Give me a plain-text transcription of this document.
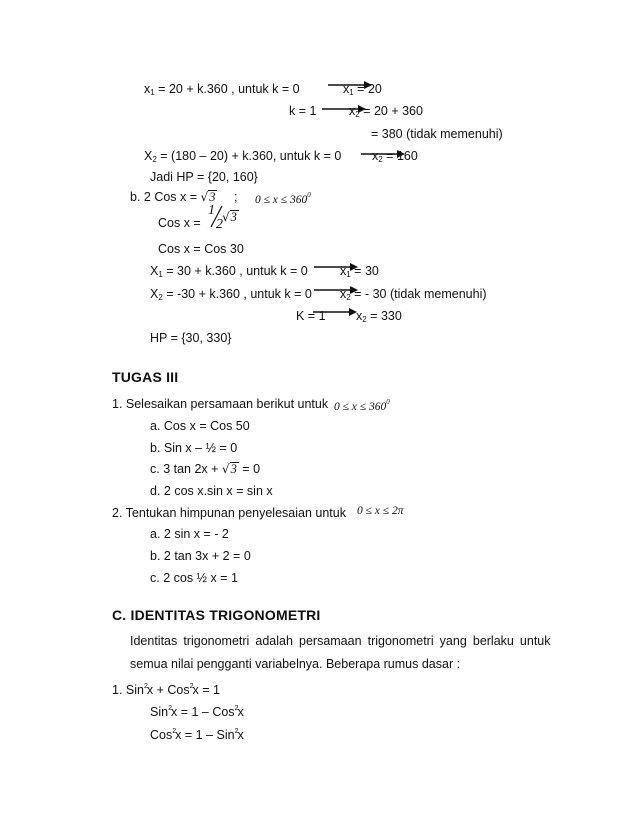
$x_1 = 20 + k.360$ , untuk k = 0	$x_1 = 20$
k = 1	$x_2 = 20 + 360$
= 380 (tidak memenuhi)
$X_2 = (180 - 20) + k.360$, untuk k = 0 $x_2 = 160$
Jadi HP = {20, 160}
b. 2 Cos x = √3 ; $0 \le x \le 360^0$
Cos x =
1
2 √3
Cos x = Cos 30
$X_1 = 30 + k.360$ , untuk k = 0	$x_1 = 30$
$X_2 = -30 + k.360$ , untuk k = 0 $x_2$ = - 30 (tidak memenuhi)
K = 1 $x_2 = 330$
HP = {30, 330}
TUGAS III
1. Selesaikan persamaan berikut untuk $0 \le x \le 360^0$
a. Cos x = Cos 50
b. Sin x – ½ = 0
c. 3 tan 2x + √3 = 0
d. 2 cos x.sin x = sin x
2. Tentukan himpunan penyelesaian untuk 0 ≤ x ≤ 2π
a. 2 sin x = - 2
b. 2 tan 3x + 2 = 0
c. 2 cos ½ x = 1
C. IDENTITAS TRIGONOMETRI
Identitas trigonometri adalah persamaan trigonometri yang berlaku untuk
semua nilai pengganti variabelnya. Beberapa rumus dasar :
1. Sin$^2$x + Cos$^2$x = 1
Sin$^2$x = 1 – Cos$^2$x
Cos$^2$x = 1 – Sin$^2$x
